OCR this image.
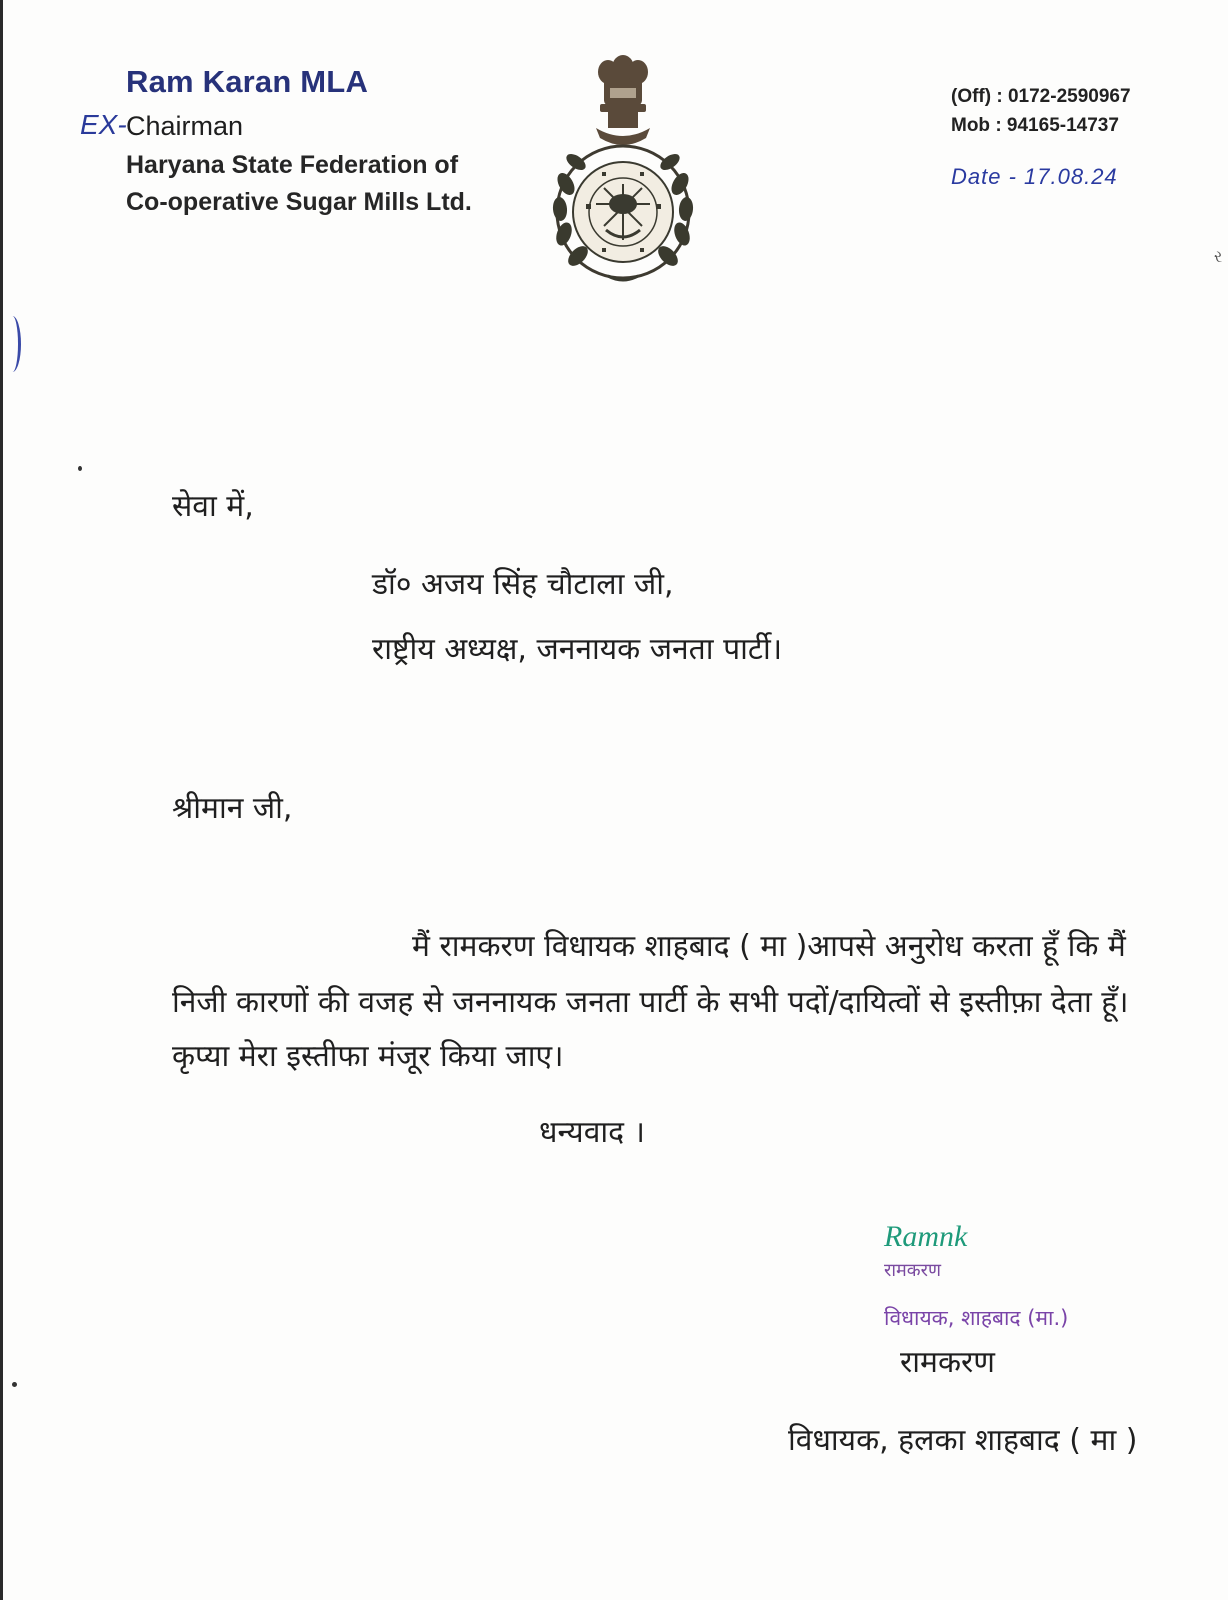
Ram Karan MLA
EX- Chairman
Haryana State Federation of
Co-operative Sugar Mills Ltd.
(Off) : 0172-2590967
Mob : 94165-14737
Date - 17.08.24
ર
सेवा में,
डॉ० अजय सिंह चौटाला जी,
राष्ट्रीय अध्यक्ष, जननायक जनता पार्टी।
श्रीमान जी,
मैं रामकरण विधायक शाहबाद ( मा )आपसे अनुरोध करता हूँ कि मैं
निजी कारणों की वजह से जननायक जनता पार्टी के सभी पदों/दायित्वों से इस्तीफ़ा देता हूँ।
कृप्या मेरा इस्तीफा मंजूर किया जाए।
धन्यवाद ।
Ramnk
रामकरण
विधायक, शाहबाद (मा.)
रामकरण
विधायक, हलका शाहबाद ( मा )
